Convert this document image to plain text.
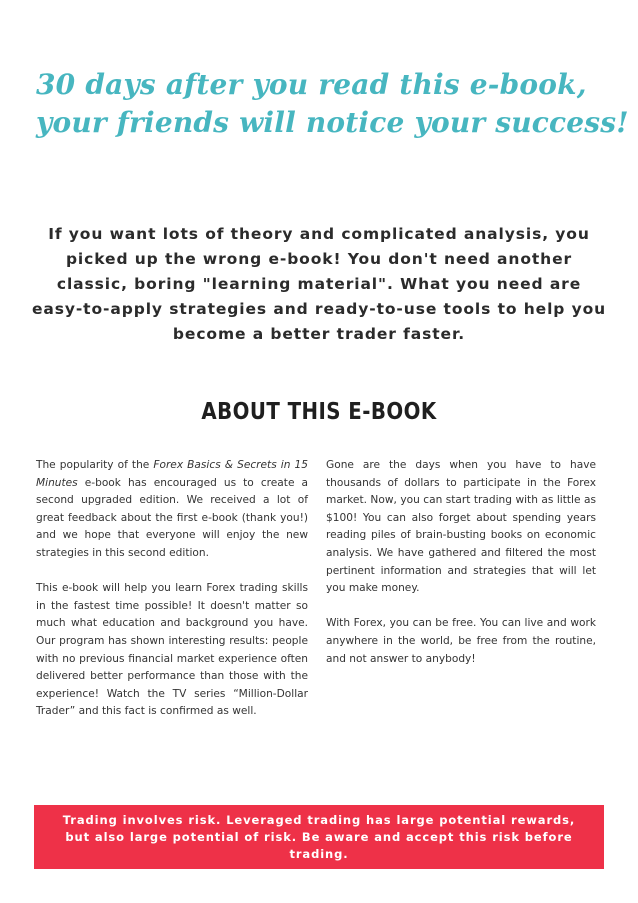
30 days after you read this e-book,
your friends will notice your success!

If you want lots of theory and complicated analysis, you picked up the wrong e-book! You don't need another classic, boring "learning material". What you need are easy-to-apply strategies and ready-to-use tools to help you become a better trader faster.

ABOUT THIS E-BOOK

The popularity of the Forex Basics & Secrets in 15 Minutes e-book has encouraged us to create a second upgraded edition. We received a lot of great feedback about the first e-book (thank you!) and we hope that everyone will enjoy the new strategies in this second edition.

This e-book will help you learn Forex trading skills in the fastest time possible! It doesn't matter so much what education and background you have. Our program has shown interesting results: people with no previous financial market experience often delivered better performance than those with the experience! Watch the TV series “Million-Dollar Trader” and this fact is confirmed as well.

Gone are the days when you have to have thousands of dollars to participate in the Forex market. Now, you can start trading with as little as $100! You can also forget about spending years reading piles of brain-busting books on economic analysis. We have gathered and filtered the most pertinent information and strategies that will let you make money.

With Forex, you can be free. You can live and work anywhere in the world, be free from the routine, and not answer to anybody!

Trading involves risk. Leveraged trading has large potential rewards, but also large potential of risk. Be aware and accept this risk before trading.
